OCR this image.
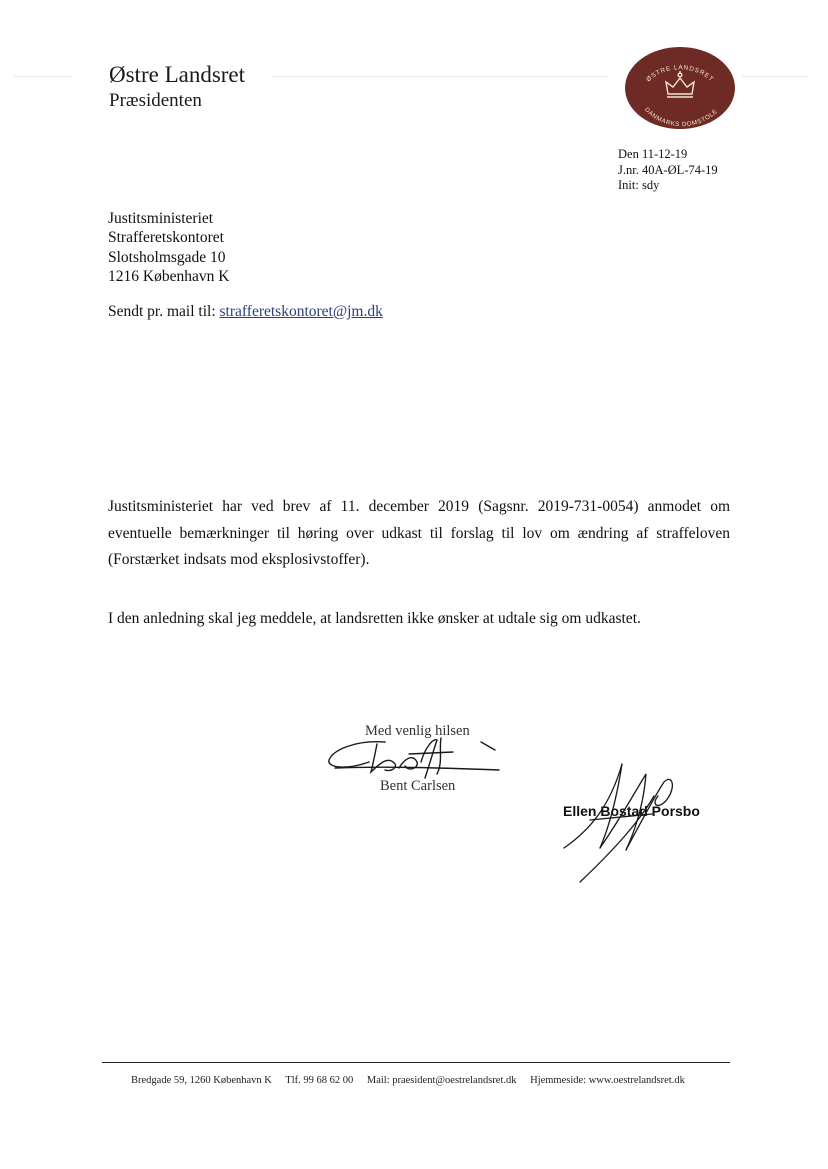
Østre Landsret
Præsidenten
ØSTRE LANDSRET
DANMARKS DOMSTOLE
Den 11-12-19
J.nr. 40A-ØL-74-19
Init: sdy
Justitsministeriet
Strafferetskontoret
Slotsholmsgade 10
1216 København K
Sendt pr. mail til: strafferetskontoret@jm.dk
Justitsministeriet har ved brev af 11. december 2019 (Sagsnr. 2019-731-0054) anmodet om eventuelle bemærkninger til høring over udkast til forslag til lov om ændring af straffeloven (Forstærket indsats mod eksplosivstoffer).
I den anledning skal jeg meddele, at landsretten ikke ønsker at udtale sig om udkastet.
Med venlig hilsen
Bent Carlsen
Ellen Bostad Porsbo
Bredgade 59, 1260 København K Tlf. 99 68 62 00 Mail: praesident@oestrelandsret.dk Hjemmeside: www.oestrelandsret.dk
